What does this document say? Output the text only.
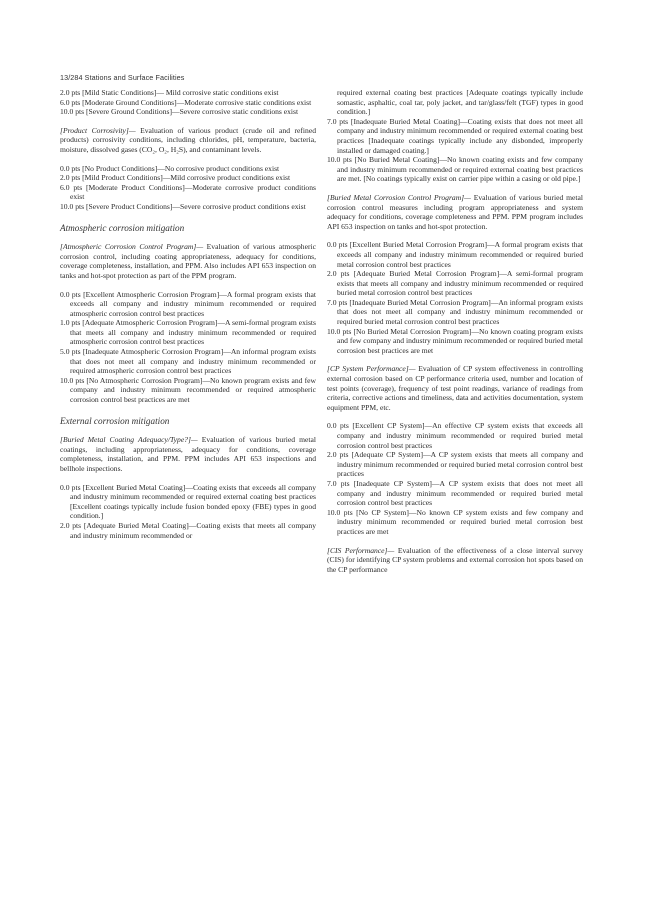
13/284 Stations and Surface Facilities

2.0 pts [Mild Static Conditions]— Mild corrosive static conditions exist

6.0 pts [Moderate Ground Conditions]—Moderate corrosive static conditions exist

10.0 pts [Severe Ground Conditions]—Severe corrosive static conditions exist

[Product Corrosivity]— Evaluation of various product (crude oil and refined products) corrosivity conditions, including chlorides, pH, temperature, bacteria, moisture, dissolved gases (CO₂, O₂, H₂S), and contaminant levels.

0.0 pts [No Product Conditions]—No corrosive product conditions exist

2.0 pts [Mild Product Conditions]—Mild corrosive product conditions exist

6.0 pts [Moderate Product Conditions]—Moderate corrosive product conditions exist

10.0 pts [Severe Product Conditions]—Severe corrosive product conditions exist

Atmospheric corrosion mitigation

[Atmospheric Corrosion Control Program]— Evaluation of various atmospheric corrosion control, including coating appropriateness, adequacy for conditions, coverage completeness, installation, and PPM. Also includes API 653 inspection on tanks and hot-spot protection as part of the PPM program.

0.0 pts [Excellent Atmospheric Corrosion Program]—A formal program exists that exceeds all company and industry minimum recommended or required atmospheric corrosion control best practices

1.0 pts [Adequate Atmospheric Corrosion Program]—A semi-formal program exists that meets all company and industry minimum recommended or required atmospheric corrosion control best practices

5.0 pts [Inadequate Atmospheric Corrosion Program]—An informal program exists that does not meet all company and industry minimum recommended or required atmospheric corrosion control best practices

10.0 pts [No Atmospheric Corrosion Program]—No known program exists and few company and industry minimum recommended or required atmospheric corrosion control best practices are met

External corrosion mitigation

[Buried Metal Coating Adequacy/Type?]— Evaluation of various buried metal coatings, including appropriateness, adequacy for conditions, coverage completeness, installation, and PPM. PPM includes API 653 inspections and bellhole inspections.

0.0 pts [Excellent Buried Metal Coating]—Coating exists that exceeds all company and industry minimum recommended or required external coating best practices [Excellent coatings typically include fusion bonded epoxy (FBE) types in good condition.]

2.0 pts [Adequate Buried Metal Coating]—Coating exists that meets all company and industry minimum recommended or

required external coating best practices [Adequate coatings typically include somastic, asphaltic, coal tar, poly jacket, and tar/glass/felt (TGF) types in good condition.]

7.0 pts [Inadequate Buried Metal Coating]—Coating exists that does not meet all company and industry minimum recommended or required external coating best practices [Inadequate coatings typically include any disbonded, improperly installed or damaged coating.]

10.0 pts [No Buried Metal Coating]—No known coating exists and few company and industry minimum recommended or required external coating best practices are met. [No coatings typically exist on carrier pipe within a casing or old pipe.]

[Buried Metal Corrosion Control Program]— Evaluation of various buried metal corrosion control measures including program appropriateness and system adequacy for conditions, coverage completeness and PPM. PPM program includes API 653 inspection on tanks and hot-spot protection.

0.0 pts [Excellent Buried Metal Corrosion Program]—A formal program exists that exceeds all company and industry minimum recommended or required buried metal corrosion control best practices

2.0 pts [Adequate Buried Metal Corrosion Program]—A semi-formal program exists that meets all company and industry minimum recommended or required buried metal corrosion control best practices

7.0 pts [Inadequate Buried Metal Corrosion Program]—An informal program exists that does not meet all company and industry minimum recommended or required buried metal corrosion control best practices

10.0 pts [No Buried Metal Corrosion Program]—No known coating program exists and few company and industry minimum recommended or required buried metal corrosion best practices are met

[CP System Performance]— Evaluation of CP system effectiveness in controlling external corrosion based on CP performance criteria used, number and location of test points (coverage), frequency of test point readings, variance of readings from criteria, corrective actions and timeliness, data and activities documentation, system equipment PPM, etc.

0.0 pts [Excellent CP System]—An effective CP system exists that exceeds all company and industry minimum recommended or required buried metal corrosion control best practices

2.0 pts [Adequate CP System]—A CP system exists that meets all company and industry minimum recommended or required buried metal corrosion control best practices

7.0 pts [Inadequate CP System]—A CP system exists that does not meet all company and industry minimum recommended or required buried metal corrosion control best practices

10.0 pts [No CP System]—No known CP system exists and few company and industry minimum recommended or required buried metal corrosion best practices are met

[CIS Performance]— Evaluation of the effectiveness of a close interval survey (CIS) for identifying CP system problems and external corrosion hot spots based on the CP performance
